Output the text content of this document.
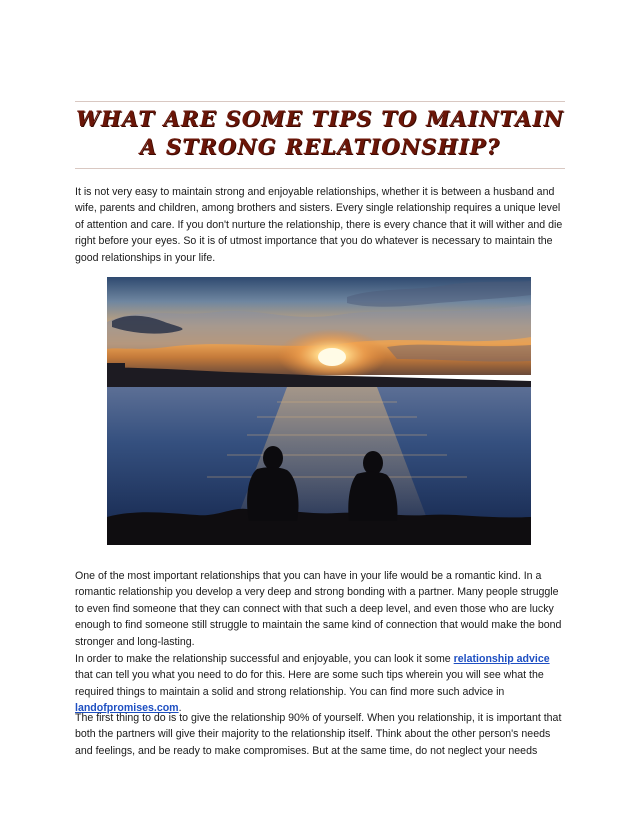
WHAT ARE SOME TIPS TO MAINTAIN A STRONG RELATIONSHIP?

It is not very easy to maintain strong and enjoyable relationships, whether it is between a husband and wife, parents and children, among brothers and sisters. Every single relationship requires a unique level of attention and care. If you don't nurture the relationship, there is every chance that it will wither and die right before your eyes. So it is of utmost importance that you do whatever is necessary to maintain the good relationships in your life.

One of the most important relationships that you can have in your life would be a romantic kind. In a romantic relationship you develop a very deep and strong bonding with a partner. Many people struggle to even find someone that they can connect with that such a deep level, and even those who are lucky enough to find someone still struggle to maintain the same kind of connection that would make the bond stronger and long-lasting.

In order to make the relationship successful and enjoyable, you can look it some relationship advice that can tell you what you need to do for this. Here are some such tips wherein you will see what the required things to maintain a solid and strong relationship. You can find more such advice in landofpromises.com.

The first thing to do is to give the relationship 90% of yourself. When you relationship, it is important that both the partners will give their majority to the relationship itself. Think about the other person's needs and feelings, and be ready to make compromises. But at the same time, do not neglect your needs
